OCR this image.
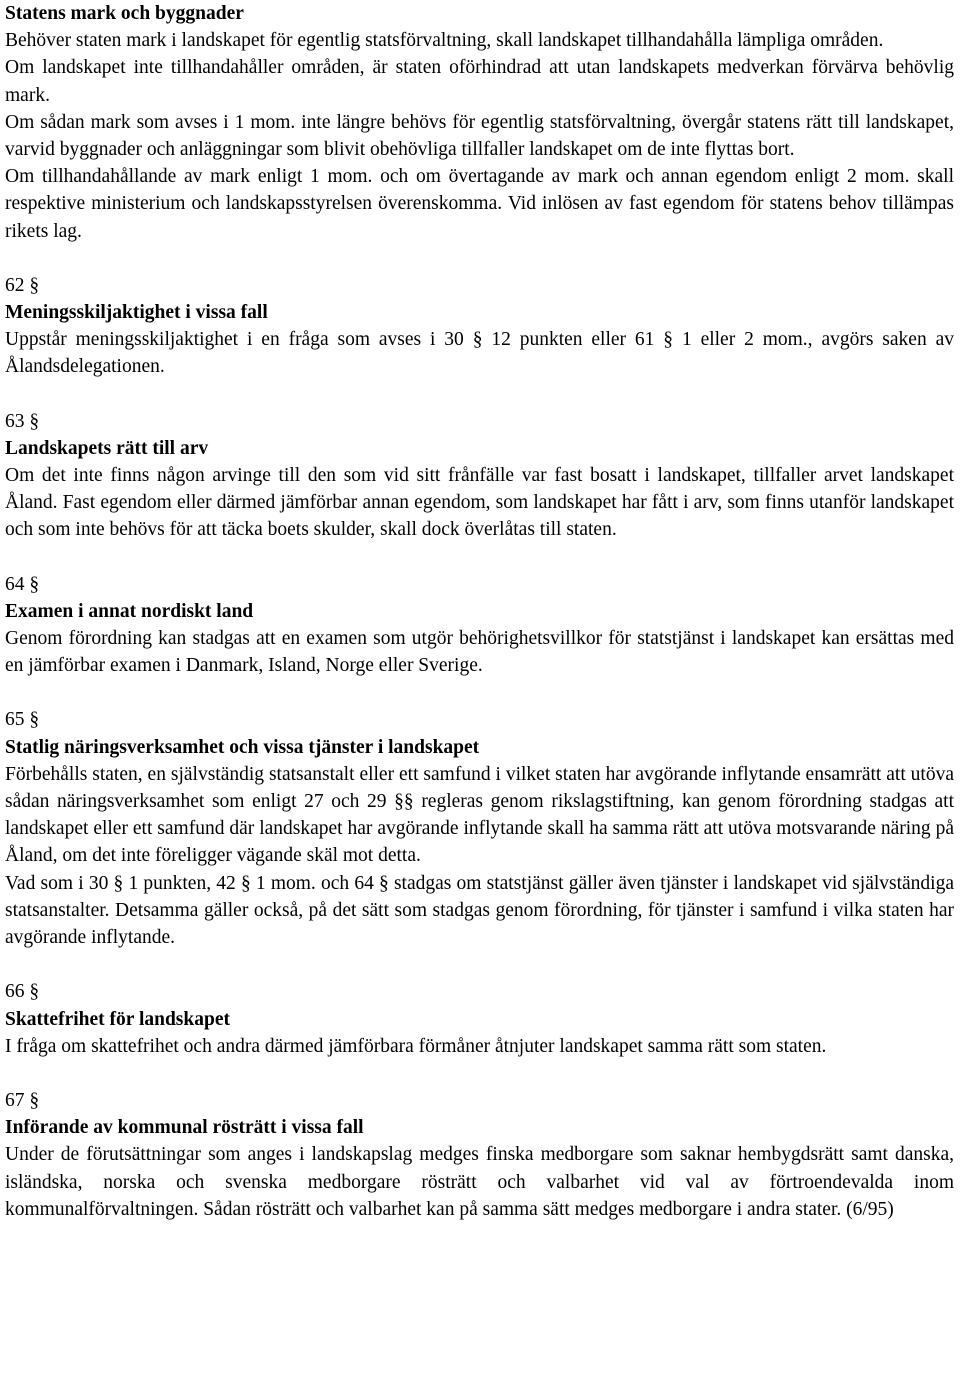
Statens mark och byggnader

Behöver staten mark i landskapet för egentlig statsförvaltning, skall landskapet tillhandahålla lämpliga områden.

Om landskapet inte tillhandahåller områden, är staten oförhindrad att utan landskapets medverkan förvärva behövlig mark.

Om sådan mark som avses i 1 mom. inte längre behövs för egentlig statsförvaltning, övergår statens rätt till landskapet, varvid byggnader och anläggningar som blivit obehövliga tillfaller landskapet om de inte flyttas bort.

Om tillhandahållande av mark enligt 1 mom. och om övertagande av mark och annan egendom enligt 2 mom. skall respektive ministerium och landskapsstyrelsen överenskomma. Vid inlösen av fast egendom för statens behov tillämpas rikets lag.

62 §
Meningsskiljaktighet i vissa fall

Uppstår meningsskiljaktighet i en fråga som avses i 30 § 12 punkten eller 61 § 1 eller 2 mom., avgörs saken av Ålandsdelegationen.

63 §
Landskapets rätt till arv

Om det inte finns någon arvinge till den som vid sitt frånfälle var fast bosatt i landskapet, tillfaller arvet landskapet Åland. Fast egendom eller därmed jämförbar annan egendom, som landskapet har fått i arv, som finns utanför landskapet och som inte behövs för att täcka boets skulder, skall dock överlåtas till staten.

64 §
Examen i annat nordiskt land

Genom förordning kan stadgas att en examen som utgör behörighetsvillkor för statstjänst i landskapet kan ersättas med en jämförbar examen i Danmark, Island, Norge eller Sverige.

65 §
Statlig näringsverksamhet och vissa tjänster i landskapet

Förbehålls staten, en självständig statsanstalt eller ett samfund i vilket staten har avgörande inflytande ensamrätt att utöva sådan näringsverksamhet som enligt 27 och 29 §§ regleras genom rikslagstiftning, kan genom förordning stadgas att landskapet eller ett samfund där landskapet har avgörande inflytande skall ha samma rätt att utöva motsvarande näring på Åland, om det inte föreligger vägande skäl mot detta.

Vad som i 30 § 1 punkten, 42 § 1 mom. och 64 § stadgas om statstjänst gäller även tjänster i landskapet vid självständiga statsanstalter. Detsamma gäller också, på det sätt som stadgas genom förordning, för tjänster i samfund i vilka staten har avgörande inflytande.

66 §
Skattefrihet för landskapet

I fråga om skattefrihet och andra därmed jämförbara förmåner åtnjuter landskapet samma rätt som staten.

67 §
Införande av kommunal rösträtt i vissa fall

Under de förutsättningar som anges i landskapslag medges finska medborgare som saknar hembygdsrätt samt danska, isländska, norska och svenska medborgare rösträtt och valbarhet vid val av förtroendevalda inom kommunalförvaltningen. Sådan rösträtt och valbarhet kan på samma sätt medges medborgare i andra stater. (6/95)
